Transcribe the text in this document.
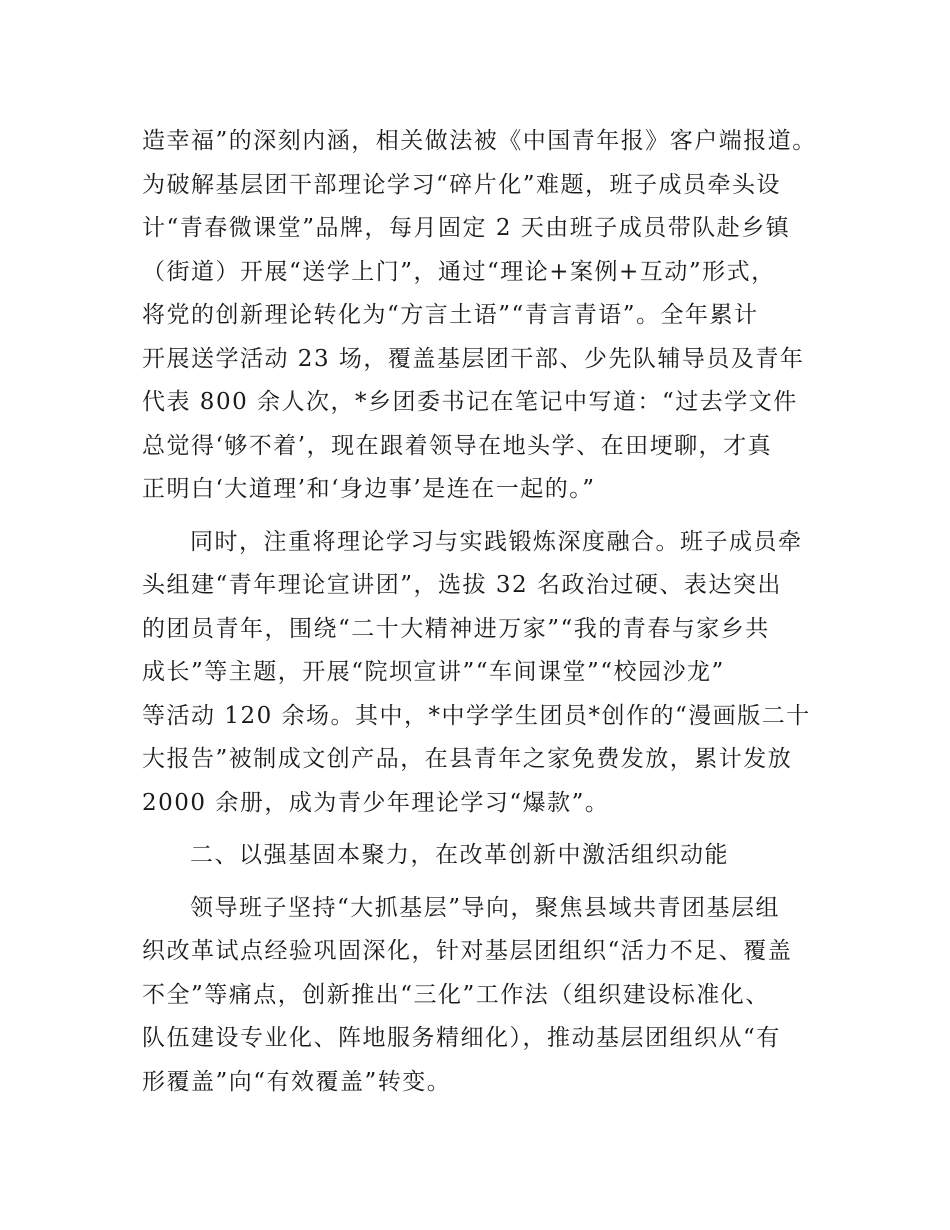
造幸福”的深刻内涵，相关做法被《中国青年报》客户端报道。
为破解基层团干部理论学习“碎片化”难题，班子成员牵头设
计“青春微课堂”品牌，每月固定 2 天由班子成员带队赴乡镇
（街道）开展“送学上门”，通过“理论+案例+互动”形式，
将党的创新理论转化为“方言土语”“青言青语”。全年累计
开展送学活动 23 场，覆盖基层团干部、少先队辅导员及青年
代表 800 余人次，*乡团委书记在笔记中写道：“过去学文件
总觉得‘够不着’，现在跟着领导在地头学、在田埂聊，才真
正明白‘大道理’和‘身边事’是连在一起的。”
同时，注重将理论学习与实践锻炼深度融合。班子成员牵
头组建“青年理论宣讲团”，选拔 32 名政治过硬、表达突出
的团员青年，围绕“二十大精神进万家”“我的青春与家乡共
成长”等主题，开展“院坝宣讲”“车间课堂”“校园沙龙”
等活动 120 余场。其中，*中学学生团员*创作的“漫画版二十
大报告”被制成文创产品，在县青年之家免费发放，累计发放
2000 余册，成为青少年理论学习“爆款”。
二、以强基固本聚力，在改革创新中激活组织动能
领导班子坚持“大抓基层”导向，聚焦县域共青团基层组
织改革试点经验巩固深化，针对基层团组织“活力不足、覆盖
不全”等痛点，创新推出“三化”工作法（组织建设标准化、
队伍建设专业化、阵地服务精细化），推动基层团组织从“有
形覆盖”向“有效覆盖”转变。
